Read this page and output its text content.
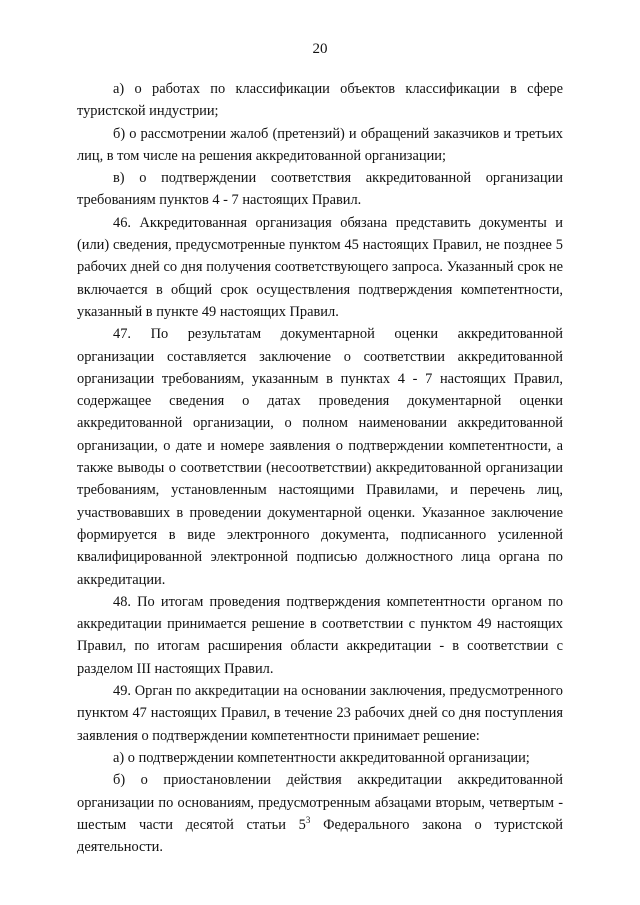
20

а) о работах по классификации объектов классификации в сфере туристской индустрии;

б) о рассмотрении жалоб (претензий) и обращений заказчиков и третьих лиц, в том числе на решения аккредитованной организации;

в) о подтверждении соответствия аккредитованной организации требованиям пунктов 4 - 7 настоящих Правил.

46. Аккредитованная организация обязана представить документы и (или) сведения, предусмотренные пунктом 45 настоящих Правил, не позднее 5 рабочих дней со дня получения соответствующего запроса. Указанный срок не включается в общий срок осуществления подтверждения компетентности, указанный в пункте 49 настоящих Правил.

47. По результатам документарной оценки аккредитованной организации составляется заключение о соответствии аккредитованной организации требованиям, указанным в пунктах 4 - 7 настоящих Правил, содержащее сведения о датах проведения документарной оценки аккредитованной организации, о полном наименовании аккредитованной организации, о дате и номере заявления о подтверждении компетентности, а также выводы о соответствии (несоответствии) аккредитованной организации требованиям, установленным настоящими Правилами, и перечень лиц, участвовавших в проведении документарной оценки. Указанное заключение формируется в виде электронного документа, подписанного усиленной квалифицированной электронной подписью должностного лица органа по аккредитации.

48. По итогам проведения подтверждения компетентности органом по аккредитации принимается решение в соответствии с пунктом 49 настоящих Правил, по итогам расширения области аккредитации - в соответствии с разделом III настоящих Правил.

49. Орган по аккредитации на основании заключения, предусмотренного пунктом 47 настоящих Правил, в течение 23 рабочих дней со дня поступления заявления о подтверждении компетентности принимает решение:

а) о подтверждении компетентности аккредитованной организации;

б) о приостановлении действия аккредитации аккредитованной организации по основаниям, предусмотренным абзацами вторым, четвертым - шестым части десятой статьи $5^3$ Федерального закона о туристской деятельности.
